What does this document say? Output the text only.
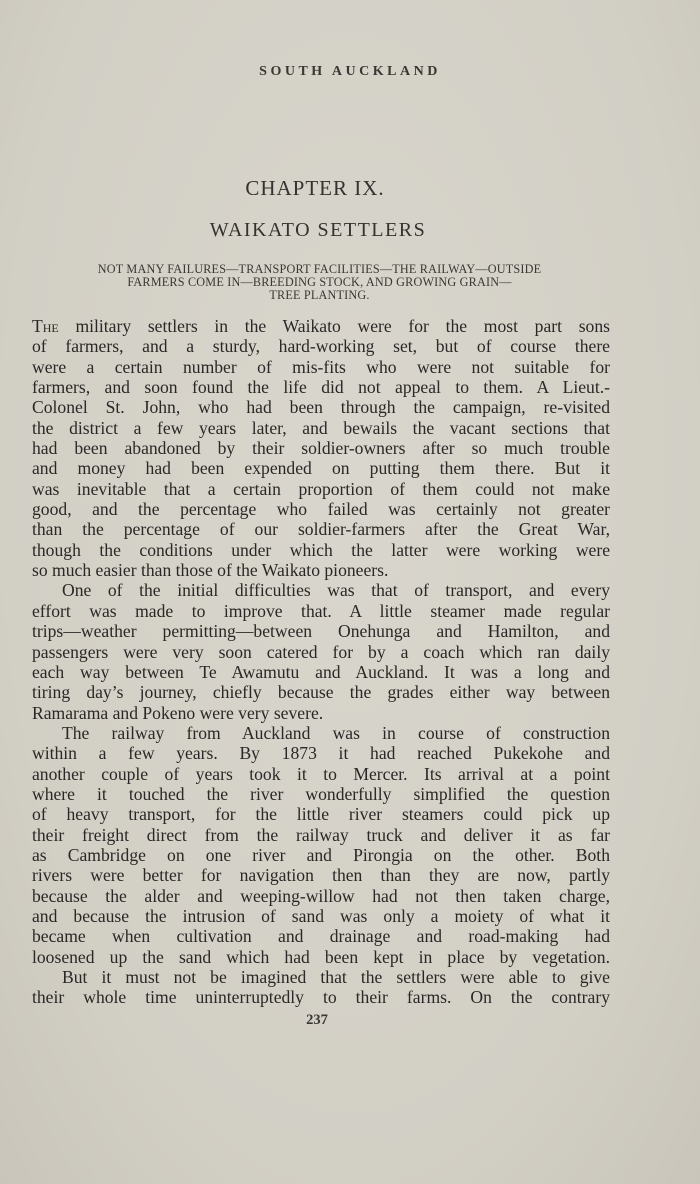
SOUTH AUCKLAND
CHAPTER IX.
WAIKATO SETTLERS
NOT MANY FAILURES—TRANSPORT FACILITIES—THE RAILWAY—OUTSIDE
FARMERS COME IN—BREEDING STOCK, AND GROWING GRAIN—
TREE PLANTING.
The military settlers in the Waikato were for the most part sons
of farmers, and a sturdy, hard-working set, but of course there
were a certain number of mis-fits who were not suitable for
farmers, and soon found the life did not appeal to them. A Lieut.-
Colonel St. John, who had been through the campaign, re-visited
the district a few years later, and bewails the vacant sections that
had been abandoned by their soldier-owners after so much trouble
and money had been expended on putting them there. But it
was inevitable that a certain proportion of them could not make
good, and the percentage who failed was certainly not greater
than the percentage of our soldier-farmers after the Great War,
though the conditions under which the latter were working were
so much easier than those of the Waikato pioneers.
One of the initial difficulties was that of transport, and every
effort was made to improve that. A little steamer made regular
trips—weather permitting—between Onehunga and Hamilton, and
passengers were very soon catered for by a coach which ran daily
each way between Te Awamutu and Auckland. It was a long and
tiring day’s journey, chiefly because the grades either way between
Ramarama and Pokeno were very severe.
The railway from Auckland was in course of construction
within a few years. By 1873 it had reached Pukekohe and
another couple of years took it to Mercer. Its arrival at a point
where it touched the river wonderfully simplified the question
of heavy transport, for the little river steamers could pick up
their freight direct from the railway truck and deliver it as far
as Cambridge on one river and Pirongia on the other. Both
rivers were better for navigation then than they are now, partly
because the alder and weeping-willow had not then taken charge,
and because the intrusion of sand was only a moiety of what it
became when cultivation and drainage and road-making had
loosened up the sand which had been kept in place by vegetation.
But it must not be imagined that the settlers were able to give
their whole time uninterruptedly to their farms. On the contrary
237
